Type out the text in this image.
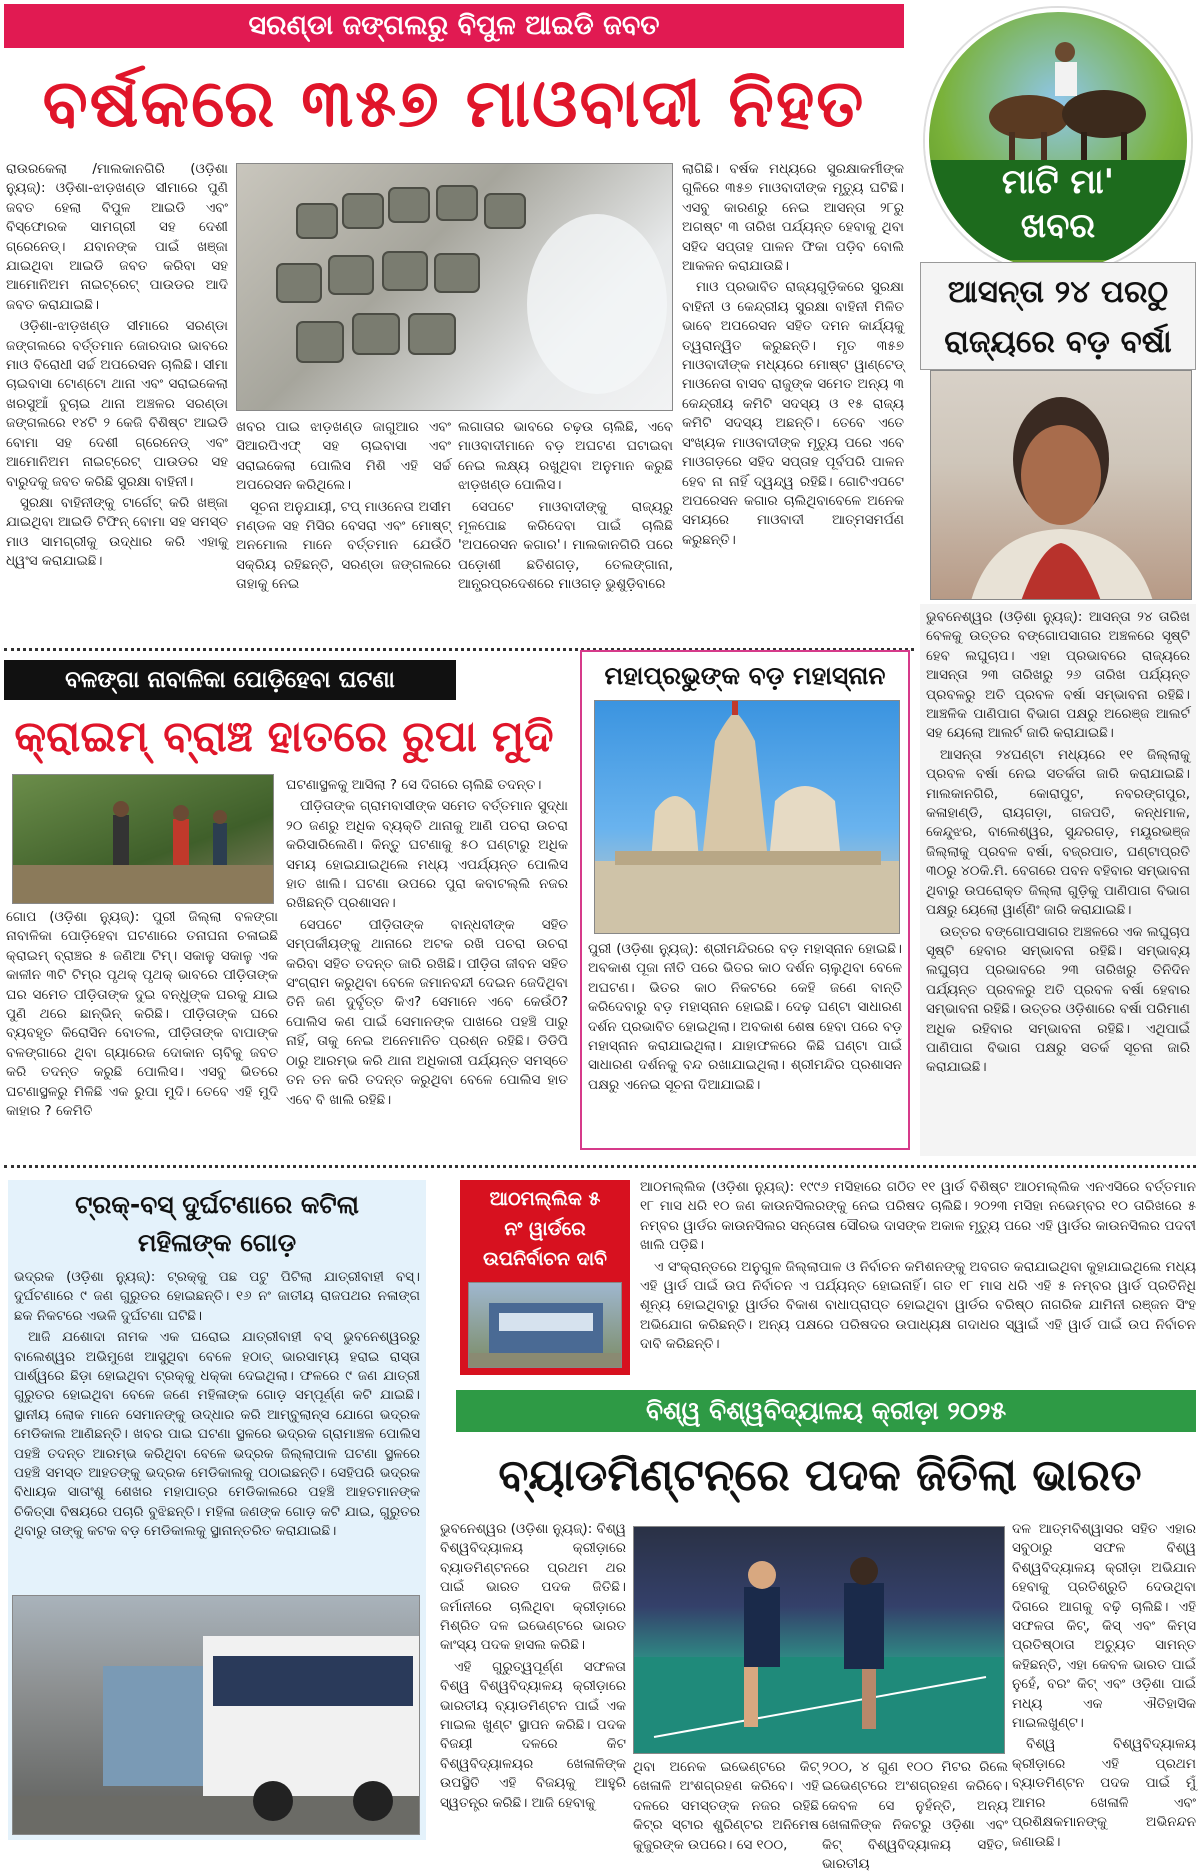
ସରଣ୍ଡା ଜଙ୍ଗଲରୁ ବିପୁଳ ଆଇଡି ଜବତ
ବର୍ଷକରେ ୩୫୭ ମାଓବାଦୀ ନିହତ

ରାଉରକେଲା /ମାଲକାନଗିରି (ଓଡ଼ିଶା ନ୍ୟୁଜ୍): ଓଡ଼ିଶା-ଝାଡ଼ଖଣ୍ଡ ସୀମାରେ ପୁଣି ଜବତ ହେଲା ବିପୁଳ ଆଇଡି ଏବଂ ବିସ୍ଫୋରକ ସାମଗ୍ରୀ ସହ ଦେଶୀ ଗ୍ରେନେଡ୍। ଯବାନଙ୍କ ପାଇଁ ଖଞ୍ଜା ଯାଇଥିବା ଆଇଡି ଜବତ କରିବା ସହ ଆମୋନିଅମ ନାଇଟ୍ରେଟ୍ ପାଉଡର ଆଦି ଜବତ କରାଯାଇଛି।

ଓଡ଼ିଶା-ଝାଡ଼ଖଣ୍ଡ ସୀମାରେ ସରଣ୍ଡା ଜଙ୍ଗଲରେ ବର୍ତ୍ତମାନ ଜୋରଦାର ଭାବରେ ମାଓ ବିରୋଧୀ ସର୍ଚ୍ଚ ଅପରେସନ ଚାଲିଛି। ସୀମା ଚାଇବାସା ଟୋଣ୍ଟୋ ଥାନା ଏବଂ ସରାଇକେଲା ଖରସୁଆଁ ବୁଚାଇ ଥାନା ଅଞ୍ଚଳର ସରଣ୍ଡା ଜଙ୍ଗଲରେ ୧୪ଟି ୨ କେଜି ବିଶିଷ୍ଟ ଆଇଡି ବୋମା ସହ ଦେଶୀ ଗ୍ରେନେଡ୍ ଏବଂ ଆମୋନିଅମ ନାଇଟ୍ରେଟ୍ ପାଉଡର ସହ ବାରୁଦକୁ ଜବତ କରିଛି ସୁରକ୍ଷା ବାହିନୀ।

ସୁରକ୍ଷା ବାହିନୀଙ୍କୁ ଟାର୍ଗେଟ୍ କରି ଖଞ୍ଜା ଯାଇଥିବା ଆଇଡି ଟିଫିନ୍ ବୋମା ସହ ସମସ୍ତ ମାଓ ସାମଗ୍ରୀକୁ ଉଦ୍ଧାର କରି ଏହାକୁ ଧ୍ୱଂସ କରାଯାଇଛି।

ଖବର ପାଇ ଝାଡ଼ଖଣ୍ଡ ଜାଗୁଆର ଏବଂ ସିଆରପିଏଫ୍ ସହ ଚାଇବାସା ଏବଂ ସରାଇକେଲା ପୋଲିସ ମିଶି ଏହି ସର୍ଚ୍ଚ ଅପରେସନ କରିଥିଲେ।

ସୂଚନା ଅନୁଯାୟୀ, ଟପ୍ ମାଓନେତା ଅସୀମ ମଣ୍ଡଳ ସହ ମିସିର ବେସରା ଏବଂ ମୋଷ୍ଟ୍ ଅନମୋଲ ମାନେ ବର୍ତ୍ତମାନ ଯେଉଁଠି ସକ୍ରିୟ ରହିଛନ୍ତି, ସରଣ୍ଡା ଜଙ୍ଗଲରେ ତାହାକୁ ନେଇ

ଲଗାତାର ଭାବରେ ଚଢ଼ଉ ଚାଲିଛି, ଏବେ ମାଓବାଦୀମାନେ ବଡ଼ ଅଘଟଣ ଘଟାଇବା ନେଇ ଲକ୍ଷ୍ୟ ରଖୁଥିବା ଅନୁମାନ କରୁଛି ଝାଡ଼ଖଣ୍ଡ ପୋଲିସ।

ସେପଟେ ମାଓବାଦୀଙ୍କୁ ରାଜ୍ୟରୁ ମୂଳପୋଛ କରିଦେବା ପାଇଁ ଚାଲିଛି 'ଅପରେସନ କଗାର'। ମାଲକାନଗିରି ପରେ ପଡ଼ୋଶୀ ଛତିଶଗଡ଼, ତେଲଙ୍ଗାନା, ଆନ୍ଧ୍ରପ୍ରଦେଶରେ ମାଓଗଡ଼ ଭୁଶୁଡ଼ିବାରେ

ଲାଗିଛି। ବର୍ଷକ ମଧ୍ୟରେ ସୁରକ୍ଷାକର୍ମୀଙ୍କ ଗୁଳିରେ ୩୫୭ ମାଓବାଦୀଙ୍କ ମୃତ୍ୟୁ ଘଟିଛି। ଏସବୁ କାରଣରୁ ନେଇ ଆସନ୍ତା ୨୮ରୁ ଅଗଷ୍ଟ ୩ ତାରିଖ ପର୍ଯ୍ୟନ୍ତ ହେବାକୁ ଥିବା ସହିଦ ସପ୍ତାହ ପାଳନ ଫିକା ପଡ଼ିବ ବୋଲି ଆକଳନ କରାଯାଉଛି।

ମାଓ ପ୍ରଭାବିତ ରାଜ୍ୟଗୁଡ଼ିକରେ ସୁରକ୍ଷା ବାହିନୀ ଓ କେନ୍ଦ୍ରୀୟ ସୁରକ୍ଷା ବାହିନୀ ମିଳିତ ଭାବେ ଅପରେସନ ସହିତ ଦମନ କାର୍ଯ୍ୟକୁ ତ୍ୱରାନ୍ୱିତ କରୁଛନ୍ତି। ମୃତ ୩୫୭ ମାଓବାଦୀଙ୍କ ମଧ୍ୟରେ ମୋଷ୍ଟ ୱାଣ୍ଟେଡ୍ ମାଓନେତା ବାସବ ରାଜୁଙ୍କ ସମେତ ଅନ୍ୟ ୩ କେନ୍ଦ୍ରୀୟ କମିଟି ସଦସ୍ୟ ଓ ୧୫ ରାଜ୍ୟ କମିଟି ସଦସ୍ୟ ଅଛନ୍ତି। ତେବେ ଏତେ ସଂଖ୍ୟକ ମାଓବାଦୀଙ୍କ ମୃତ୍ୟୁ ପରେ ଏବେ ମାଓଗଡ଼ରେ ସହିଦ ସପ୍ତାହ ପୂର୍ବପରି ପାଳନ ହେବ ନା ନାହିଁ ଦ୍ୱନ୍ଦ୍ୱ ରହିଛି। ଗୋଟିଏପଟେ ଅପରେସନ କଗାର ଚାଲିଥିବାବେଳେ ଅନେକ ସମୟରେ ମାଓବାଦୀ ଆତ୍ମସମର୍ପଣ କରୁଛନ୍ତି।

ମାଟି ମା'
ଖବର
ଆସନ୍ତା ୨୪ ପରଠୁ
ରାଜ୍ୟରେ ବଡ଼ ବର୍ଷା

ଭୁବନେଶ୍ୱର (ଓଡ଼ିଶା ନ୍ୟୁଜ୍): ଆସନ୍ତା ୨୪ ତାରିଖ ବେଳକୁ ଉତ୍ତର ବଙ୍ଗୋପସାଗର ଅଞ୍ଚଳରେ ସୃଷ୍ଟି ହେବ ଲଘୁଚାପ। ଏହା ପ୍ରଭାବରେ ରାଜ୍ୟରେ ଆସନ୍ତା ୨୩ ତାରିଖରୁ ୨୬ ତାରିଖ ପର୍ଯ୍ୟନ୍ତ ପ୍ରବଳରୁ ଅତି ପ୍ରବଳ ବର୍ଷା ସମ୍ଭାବନା ରହିଛି। ଆଞ୍ଚଳିକ ପାଣିପାଗ ବିଭାଗ ପକ୍ଷରୁ ଅରେଞ୍ଜ ଆଲର୍ଟ ସହ ୟେଲୋ ଆଲର୍ଟ ଜାରି କରାଯାଇଛି।

ଆସନ୍ତା ୨୪ଘଣ୍ଟା ମଧ୍ୟରେ ୧୧ ଜିଲ୍ଲାକୁ ପ୍ରବଳ ବର୍ଷା ନେଇ ସତର୍କତା ଜାରି କରାଯାଇଛି। ମାଲକାନଗିରି, କୋରାପୁଟ, ନବରଙ୍ଗପୁର, କଳାହାଣ୍ଡି, ରାୟଗଡ଼ା, ଗଜପତି, କନ୍ଧମାଳ, କେନ୍ଦୁଝର, ବାଲେଶ୍ୱର, ସୁନ୍ଦରଗଡ଼, ମୟୂରଭଞ୍ଜ ଜିଲ୍ଲାକୁ ପ୍ରବଳ ବର୍ଷା, ବଜ୍ରପାତ, ଘଣ୍ଟାପ୍ରତି ୩୦ରୁ ୪୦କି.ମି. ବେଗରେ ପବନ ବହିବାର ସମ୍ଭାବନା ଥିବାରୁ ଉପରୋକ୍ତ ଜିଲ୍ଲା ଗୁଡ଼ିକୁ ପାଣିପାଗ ବିଭାଗ ପକ୍ଷରୁ ୟେଲୋ ୱାର୍ଣ୍ଣିଂ ଜାରି କରାଯାଇଛି।

ଉତ୍ତର ବଙ୍ଗୋପସାଗର ଅଞ୍ଚଳରେ ଏକ ଲଘୁଚାପ ସୃଷ୍ଟି ହେବାର ସମ୍ଭାବନା ରହିଛି। ସମ୍ଭାବ୍ୟ ଲଘୁଚାପ ପ୍ରଭାବରେ ୨୩ ତାରିଖରୁ ତିନିଦିନ ପର୍ଯ୍ୟନ୍ତ ପ୍ରବଳରୁ ଅତି ପ୍ରବଳ ବର୍ଷା ହେବାର ସମ୍ଭାବନା ରହିଛି। ଉତ୍ତର ଓଡ଼ିଶାରେ ବର୍ଷା ପରିମାଣ ଅଧିକ ରହିବାର ସମ୍ଭାବନା ରହିଛି। ଏଥିପାଇଁ ପାଣିପାଗ ବିଭାଗ ପକ୍ଷରୁ ସତର୍କ ସୂଚନା ଜାରି କରାଯାଇଛି।

ବଳଙ୍ଗା ନାବାଳିକା ପୋଡ଼ିହେବା ଘଟଣା
କ୍ରାଇମ୍ ବ୍ରାଞ୍ଚ ହାତରେ ରୁପା ମୁଦି

ଗୋପ (ଓଡ଼ିଶା ନ୍ୟୁଜ୍): ପୁରୀ ଜିଲ୍ଲା ବଳଙ୍ଗା ନାବାଳିକା ପୋଡ଼ିହେବା ଘଟଣାରେ ତନାଘନା ଚଳାଇଛି କ୍ରାଇମ୍ ବ୍ରାଞ୍ଚର ୫ ଜଣିଆ ଟିମ୍। ସକାଳୁ ସକାଳୁ ଏକ କାଳୀନ ୩ଟି ଟିମ୍ର ପୃଥକ୍ ପୃଥକ୍ ଭାବରେ ପୀଡ଼ିତାଙ୍କ ଘର ସମେତ ପୀଡ଼ିତାଙ୍କ ଦୁଇ ବନ୍ଧୁଙ୍କ ଘରକୁ ଯାଇ ପୁଣି ଥରେ ଛାନ୍ଭିନ୍ କରିଛି। ପୀଡ଼ିତାଙ୍କ ଘରେ ବ୍ୟବହୃତ କିରୋସିନ ବୋତଲ, ପୀଡ଼ିତାଙ୍କ ବାପାଙ୍କ ବଳଙ୍ଗାରେ ଥିବା ଗ୍ୟାରେଜ ଦୋକାନ ଚାବିକୁ ଜବତ କରି ତଦନ୍ତ କରୁଛି ପୋଲିସ। ଏସବୁ ଭିତରେ ଘଟଣାସ୍ଥଳରୁ ମିଳିଛି ଏକ ରୁପା ମୁଦି। ତେବେ ଏହି ମୁଦି କାହାର ? କେମିତି

ଘଟଣାସ୍ଥଳକୁ ଆସିଲା ? ସେ ଦିଗରେ ଚାଲିଛି ତଦନ୍ତ।

ପୀଡ଼ିତାଙ୍କ ଗ୍ରାମବାସୀଙ୍କ ସମେତ ବର୍ତ୍ତମାନ ସୁଦ୍ଧା ୨୦ ଜଣରୁ ଅଧିକ ବ୍ୟକ୍ତି ଥାନାକୁ ଆଣି ପଚରା ଉଚରା କରିସାରିଲେଣି। କିନ୍ତୁ ଘଟଣାକୁ ୫୦ ଘଣ୍ଟାରୁ ଅଧିକ ସମୟ ହୋଇଯାଇଥିଲେ ମଧ୍ୟ ଏପର୍ଯ୍ୟନ୍ତ ପୋଲିସ ହାତ ଖାଲି। ଘଟଣା ଉପରେ ପୁରା କବାଟଲ୍ଲି ନଜର ରଖିଛନ୍ତି ପ୍ରଶାସନ।

ସେପଟେ ପୀଡ଼ିତାଙ୍କ ବାନ୍ଧବୀଙ୍କ ସହିତ ସମ୍ପର୍କୀୟଙ୍କୁ ଥାନାରେ ଅଟକ ରଖି ପଚରା ଉଚରା କରିବା ସହିତ ତଦନ୍ତ ଜାରି ରଖିଛି। ପୀଡ଼ିତା ଜୀବନ ସହିତ ସଂଗ୍ରାମ କରୁଥିବା ବେଳେ ଜମାନବନ୍ଦୀ ଦେଇନ ଜେଦିଥିବା ତିନି ଜଣ ଦୁର୍ବୃତ୍ତ କିଏ? ସେମାନେ ଏବେ କେଉଁଠି? ପୋଲିସ କଣ ପାଇଁ ସେମାନଙ୍କ ପାଖରେ ପହଞ୍ଚି ପାରୁ ନାହିଁ, ତାକୁ ନେଇ ଅନେମାନିତ ପ୍ରଶ୍ନ ରହିଛି। ଡିଡିପି ଠାରୁ ଆରମ୍ଭ କରି ଥାନା ଅଧିକାରୀ ପର୍ଯ୍ୟନ୍ତ ସମସ୍ତେ ତନ ତନ କରି ତଦନ୍ତ କରୁଥିବା ବେଳେ ପୋଲିସ ହାତ ଏବେ ବି ଖାଲି ରହିଛି।

ମହାପ୍ରଭୁଙ୍କ ବଡ଼ ମହାସ୍ନାନ

ପୁରୀ (ଓଡ଼ିଶା ନ୍ୟୁଜ୍): ଶ୍ରୀମନ୍ଦିରରେ ବଡ଼ ମହାସ୍ନାନ ହୋଇଛି। ଅବକାଶ ପୂଜା ନୀତି ପରେ ଭିତର କାଠ ଦର୍ଶନ ଚାଲୁଥିବା ବେଳେ ଅଘଟଣ। ଭିତର କାଠ ନିକଟରେ କେହି ଜଣେ ବାନ୍ତି କରିଦେବାରୁ ବଡ଼ ମହାସ୍ନାନ ହୋଇଛି। ଦେଢ଼ ଘଣ୍ଟା ସାଧାରଣ ଦର୍ଶନ ପ୍ରଭାବିତ ହୋଇଥିଲା। ଅବକାଶ ଶେଷ ହେବା ପରେ ବଡ଼ ମହାସ୍ନାନ କରାଯାଇଥିଲା। ଯାହାଫଳରେ କିଛି ଘଣ୍ଟା ପାଇଁ ସାଧାରଣ ଦର୍ଶନକୁ ବନ୍ଦ ରଖାଯାଇଥିଲା। ଶ୍ରୀମନ୍ଦିର ପ୍ରଶାସନ ପକ୍ଷରୁ ଏନେଇ ସୂଚନା ଦିଆଯାଇଛି।

ଟ୍ରକ୍-ବସ୍ ଦୁର୍ଘଟଣାରେ କଟିଲା
ମହିଳାଙ୍କ ଗୋଡ଼

ଭଦ୍ରକ (ଓଡ଼ିଶା ନ୍ୟୁଜ୍): ଟ୍ରକ୍କୁ ପଛ ପଟୁ ପିଟିଲା ଯାତ୍ରୀବାହୀ ବସ୍। ଦୁର୍ଘଟଣାରେ ୯ ଜଣ ଗୁରୁତର ହୋଇଛନ୍ତି। ୧୬ ନଂ ଜାତୀୟ ରାଜପଥର ନଳାଙ୍ଗ ଛକ ନିକଟରେ ଏଭଳି ଦୁର୍ଘଟଣା ଘଟିଛି।

ଆଜି ଯଶୋଦା ନାମକ ଏକ ଘରୋଇ ଯାତ୍ରୀବାହୀ ବସ୍ ଭୁବନେଶ୍ୱରରୁ ବାଲେଶ୍ୱର ଅଭିମୁଖେ ଆସୁଥିବା ବେଳେ ହଠାତ୍ ଭାରସାମ୍ୟ ହରାଇ ରାସ୍ତା ପାର୍ଶ୍ୱରେ ଛିଡ଼ା ହୋଇଥିବା ଟ୍ରକ୍କୁ ଧକ୍କା ଦେଇଥିଲା। ଫଳରେ ୯ ଜଣ ଯାତ୍ରୀ ଗୁରୁତର ହୋଇଥିବା ବେଳେ ଜଣେ ମହିଳାଙ୍କ ଗୋଡ଼ ସମ୍ପୂର୍ଣ୍ଣ କଟି ଯାଇଛି। ସ୍ଥାନୀୟ ଲୋକ ମାନେ ସେମାନଙ୍କୁ ଉଦ୍ଧାର କରି ଆମ୍ବୁଲାନ୍ସ ଯୋଗେ ଭଦ୍ରକ ମେଡିକାଲ ଆଣିଛନ୍ତି। ଖବର ପାଇ ଘଟଣା ସ୍ଥଳରେ ଭଦ୍ରକ ଗ୍ରାମାଞ୍ଚଳ ପୋଲିସ ପହଞ୍ଚି ତଦନ୍ତ ଆରମ୍ଭ କରିଥିବା ବେଳେ ଭଦ୍ରକ ଜିଲ୍ଲାପାଳ ଘଟଣା ସ୍ଥଳରେ ପହଞ୍ଚି ସମସ୍ତ ଆହତଙ୍କୁ ଭଦ୍ରକ ମେଡିକାଲକୁ ପଠାଇଛନ୍ତି। ସେହିପରି ଭଦ୍ରକ ବିଧାୟକ ସାତାଂଶୁ ଶେଖର ମହାପାତ୍ର ମେଡିକାଲରେ ପହଞ୍ଚି ଆହତମାନଙ୍କ ଚିକିତ୍ସା ବିଷୟରେ ପଚାରି ବୁଝିଛନ୍ତି। ମହିଳା ଜଣଙ୍କ ଗୋଡ଼ କଟି ଯାଇ, ଗୁରୁତର ଥିବାରୁ ତାଙ୍କୁ କଟକ ବଡ଼ ମେଡିକାଲକୁ ସ୍ଥାନାନ୍ତରିତ କରାଯାଇଛି।

ଆଠମଲ୍ଲିକ ୫
ନଂ ୱାର୍ଡରେ
ଉପନିର୍ବାଚନ ଦାବି

ଆଠମଲ୍ଲିକ (ଓଡ଼ିଶା ନ୍ୟୁଜ୍): ୧୯୯୬ ମସିହାରେ ଗଠିତ ୧୧ ୱାର୍ଡ ବିଶିଷ୍ଟ ଆଠମଲ୍ଲିକ ଏନଏସିରେ ବର୍ତ୍ତମାନ ୧୮ ମାସ ଧରି ୧୦ ଜଣ କାଉନସିଲରଙ୍କୁ ନେଇ ପରିଷଦ ଚାଲିଛି। ୨୦୨୩ ମସିହା ନଭେମ୍ବର ୧୦ ତାରିଖରେ ୫ ନମ୍ବର ୱାର୍ଡର କାଉନସିଲର ସନ୍ତୋଷ ସୌରଭ ଦାସଙ୍କ ଅକାଳ ମୃତ୍ୟୁ ପରେ ଏହି ୱାର୍ଡର କାଉନସିଲର ପଦବୀ ଖାଲି ପଡ଼ିଛି।

ଏ ସଂକ୍ରାନ୍ତରେ ଅନୁଗୁଳ ଜିଲ୍ଲାପାଳ ଓ ନିର୍ବାଚନ କମିଶନଙ୍କୁ ଅବଗତ କରାଯାଇଥିବା କୁହାଯାଇଥିଲେ ମଧ୍ୟ ଏହି ୱାର୍ଡ ପାଇଁ ଉପ ନିର୍ବାଚନ ଏ ପର୍ଯ୍ୟନ୍ତ ହୋଇନାହିଁ। ଗତ ୧୮ ମାସ ଧରି ଏହି ୫ ନମ୍ବର ୱାର୍ଡ ପ୍ରତିନିଧି ଶୂନ୍ୟ ହୋଇଥିବାରୁ ୱାର୍ଡର ବିକାଶ ବାଧାପ୍ରାପ୍ତ ହୋଇଥିବା ୱାର୍ଡର ବରିଷ୍ଠ ନାଗରିକ ଯାମିନୀ ରଞ୍ଜନ ସିଂହ ଅଭିଯୋଗ କରିଛନ୍ତି। ଅନ୍ୟ ପକ୍ଷରେ ପରିଷଦର ଉପାଧ୍ୟକ୍ଷ ଗଦାଧର ସ୍ୱାଇଁ ଏହି ୱାର୍ଡ ପାଇଁ ଉପ ନିର୍ବାଚନ ଦାବି କରିଛନ୍ତି।

ବିଶ୍ୱ ବିଶ୍ୱବିଦ୍ୟାଳୟ କ୍ରୀଡ଼ା ୨୦୨୫
ବ୍ୟାଡମିଣ୍ଟନ୍ରେ ପଦକ ଜିତିଲା ଭାରତ

ଭୁବନେଶ୍ୱର (ଓଡ଼ିଶା ନ୍ୟୁଜ୍): ବିଶ୍ୱ ବିଶ୍ୱବିଦ୍ୟାଳୟ କ୍ରୀଡ଼ାରେ ବ୍ୟାଡମିଣ୍ଟନରେ ପ୍ରଥମ ଥର ପାଇଁ ଭାରତ ପଦକ ଜିତିଛି। ଜର୍ମାନୀରେ ଚାଲିଥିବା କ୍ରୀଡ଼ାରେ ମିଶ୍ରିତ ଦଳ ଇଭେଣ୍ଟରେ ଭାରତ କାଂସ୍ୟ ପଦକ ହାସଲ କରିଛି।

ଏହି ଗୁରୁତ୍ୱପୂର୍ଣ୍ଣ ସଫଳତା ବିଶ୍ୱ ବିଶ୍ୱବିଦ୍ୟାଳୟ କ୍ରୀଡ଼ାରେ ଭାରତୀୟ ବ୍ୟାଡମିଣ୍ଟନ ପାଇଁ ଏକ ମାଇଲ ଖୁଣ୍ଟ ସ୍ଥାପନ କରିଛି। ପଦକ ବିଜୟୀ ଦଳରେ କିଟ ବିଶ୍ୱବିଦ୍ୟାଳୟର ଖେଳାଳିଙ୍କ ଉପସ୍ଥିତି ଏହି ବିଜୟକୁ ଆହୁରି ସ୍ୱତନ୍ତ୍ର କରିଛି। ଆଜି ହେବାକୁ

ଥିବା ଅନେକ ଇଭେଣ୍ଟରେ କିଟ୍ ଖେଳାଳି ଅଂଶଗ୍ରହଣ କରିବେ। ଏହି ଦଳରେ ସମସ୍ତଙ୍କ ନଜର ରହିଛି କିଟ୍ର ସ୍ଟାର ଶ୍ପ୍ରିଣ୍ଟର ଅନିମେଷ କୁଜୁରଙ୍କ ଉପରେ। ସେ ୧୦୦,

୨୦୦, ୪ ଗୁଣ ୧୦୦ ମିଟର ରିଲେ ଇଭେଣ୍ଟରେ ଅଂଶଗ୍ରହଣ କରିବେ। କେବଳ ସେ ନୁହଁନ୍ତି, ଅନ୍ୟ ଖେଳାଳିଙ୍କ ନିକଟରୁ ଓଡ଼ିଶା ଏବଂ କିଟ୍ ବିଶ୍ୱବିଦ୍ୟାଳୟ ସହିତ, ଭାରତୀୟ

ଦଳ ଆତ୍ମବିଶ୍ୱାସର ସହିତ ଏହାର ସବୁଠାରୁ ସଫଳ ବିଶ୍ୱ ବିଶ୍ୱବିଦ୍ୟାଳୟ କ୍ରୀଡ଼ା ଅଭିଯାନ ହେବାକୁ ପ୍ରତିଶ୍ରୁତି ଦେଉଥିବା ଦିଗରେ ଆଗକୁ ବଢ଼ି ଚାଲିଛି। ଏହି ସଫଳତା କିଟ୍, କିସ୍ ଏବଂ କିମ୍ସ ପ୍ରତିଷ୍ଠାତା ଅଚ୍ୟୁତ ସାମନ୍ତ କହିଛନ୍ତି, ଏହା କେବଳ ଭାରତ ପାଇଁ ନୁହେଁ, ବରଂ କିଟ୍ ଏବଂ ଓଡ଼ିଶା ପାଇଁ ମଧ୍ୟ ଏକ ଐତିହାସିକ ମାଇଲଖୁଣ୍ଟ।

ବିଶ୍ୱ ବିଶ୍ୱବିଦ୍ୟାଳୟ କ୍ରୀଡ଼ାରେ ଏହି ପ୍ରଥମ ବ୍ୟାଡମିଣ୍ଟନ ପଦକ ପାଇଁ ମୁଁ ଆମର ଖେଳାଳି ଏବଂ ପ୍ରଶିକ୍ଷକମାନଙ୍କୁ ଅଭିନନ୍ଦନ ଜଣାଉଛି।
